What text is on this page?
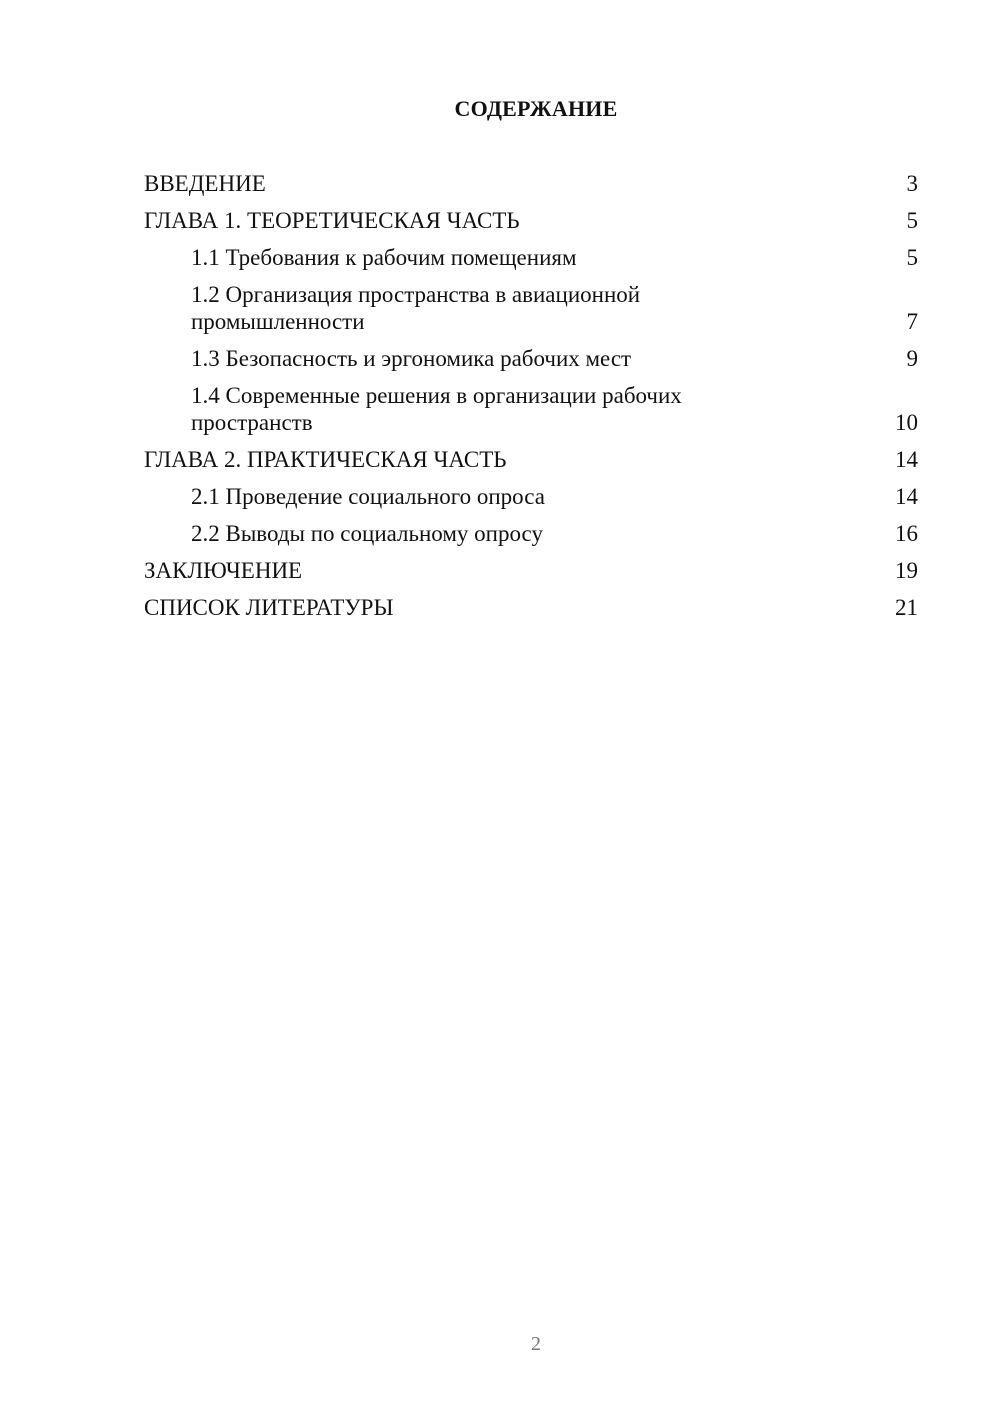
СОДЕРЖАНИЕ
ВВЕДЕНИЕ	3
ГЛАВА 1. ТЕОРЕТИЧЕСКАЯ ЧАСТЬ	5
1.1 Требования к рабочим помещениям	5
1.2 Организация пространства в авиационной промышленности	7
1.3 Безопасность и эргономика рабочих мест	9
1.4 Современные решения в организации рабочих пространств	10
ГЛАВА 2. ПРАКТИЧЕСКАЯ ЧАСТЬ	14
2.1 Проведение социального опроса	14
2.2 Выводы по социальному опросу	16
ЗАКЛЮЧЕНИЕ	19
СПИСОК ЛИТЕРАТУРЫ	21
2
